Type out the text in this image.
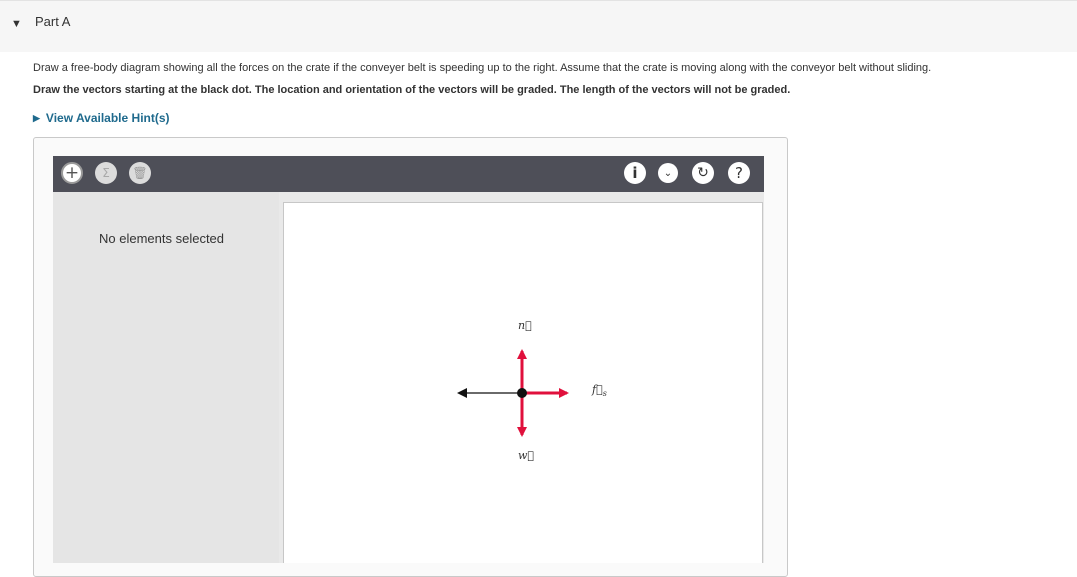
▼ Part A
Draw a free-body diagram showing all the forces on the crate if the conveyer belt is speeding up to the right. Assume that the crate is moving along with the conveyor belt without sliding.
Draw the vectors starting at the black dot. The location and orientation of the vectors will be graded. The length of the vectors will not be graded.
▶ View Available Hint(s)
+ Σ 🗑	i	⌄ ↻ ?
No elements selected
n⃗
w⃗
$f⃗_s$
